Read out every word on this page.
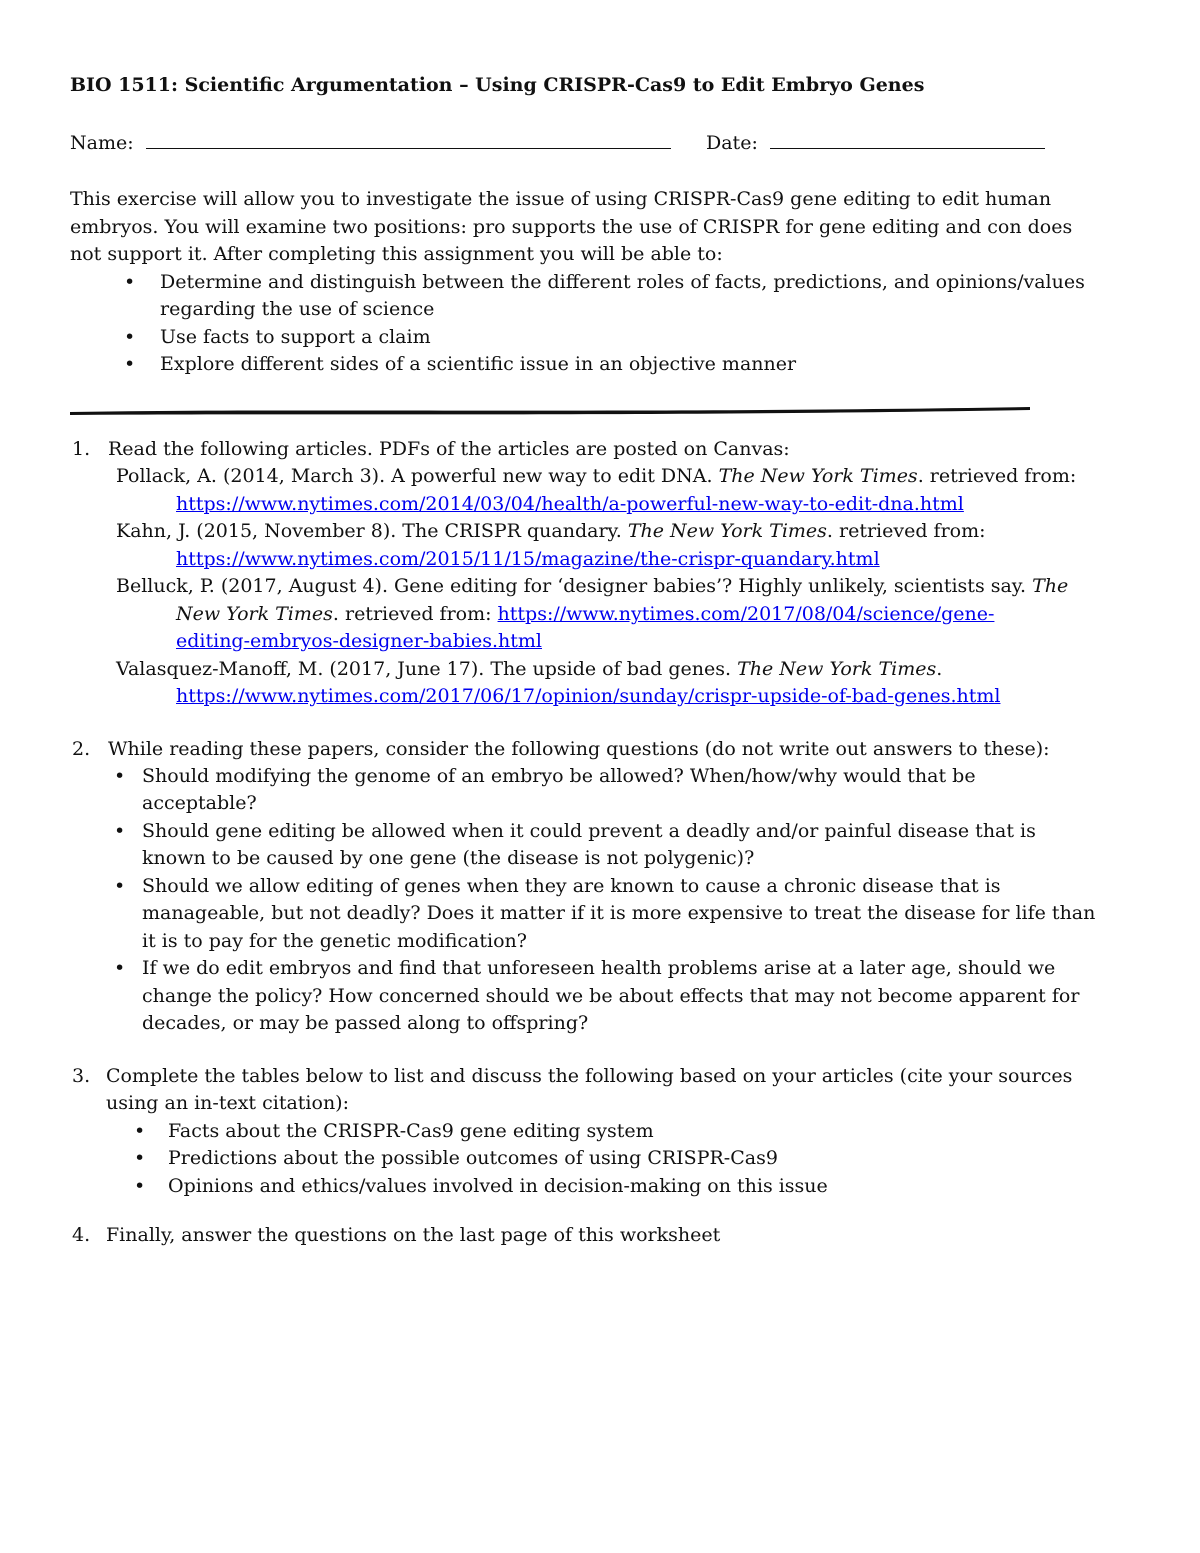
BIO 1511: Scientific Argumentation – Using CRISPR-Cas9 to Edit Embryo Genes
Name:	Date:
This exercise will allow you to investigate the issue of using CRISPR-Cas9 gene editing to edit human
embryos. You will examine two positions: pro supports the use of CRISPR for gene editing and con does
not support it. After completing this assignment you will be able to:
• Determine and distinguish between the different roles of facts, predictions, and opinions/values
regarding the use of science
• Use facts to support a claim
• Explore different sides of a scientific issue in an objective manner
1. Read the following articles. PDFs of the articles are posted on Canvas:
Pollack, A. (2014, March 3). A powerful new way to edit DNA. The New York Times. retrieved from:
https://www.nytimes.com/2014/03/04/health/a-powerful-new-way-to-edit-dna.html
Kahn, J. (2015, November 8). The CRISPR quandary. The New York Times. retrieved from:
https://www.nytimes.com/2015/11/15/magazine/the-crispr-quandary.html
Belluck, P. (2017, August 4). Gene editing for ‘designer babies’? Highly unlikely, scientists say. The
New York Times. retrieved from: https://www.nytimes.com/2017/08/04/science/gene-
editing-embryos-designer-babies.html
Valasquez-Manoff, M. (2017, June 17). The upside of bad genes. The New York Times.
https://www.nytimes.com/2017/06/17/opinion/sunday/crispr-upside-of-bad-genes.html
2. While reading these papers, consider the following questions (do not write out answers to these):
• Should modifying the genome of an embryo be allowed? When/how/why would that be
acceptable?
• Should gene editing be allowed when it could prevent a deadly and/or painful disease that is
known to be caused by one gene (the disease is not polygenic)?
• Should we allow editing of genes when they are known to cause a chronic disease that is
manageable, but not deadly? Does it matter if it is more expensive to treat the disease for life than
it is to pay for the genetic modification?
• If we do edit embryos and find that unforeseen health problems arise at a later age, should we
change the policy? How concerned should we be about effects that may not become apparent for
decades, or may be passed along to offspring?
3. Complete the tables below to list and discuss the following based on your articles (cite your sources
using an in-text citation):
• Facts about the CRISPR-Cas9 gene editing system
• Predictions about the possible outcomes of using CRISPR-Cas9
• Opinions and ethics/values involved in decision-making on this issue
4. Finally, answer the questions on the last page of this worksheet
